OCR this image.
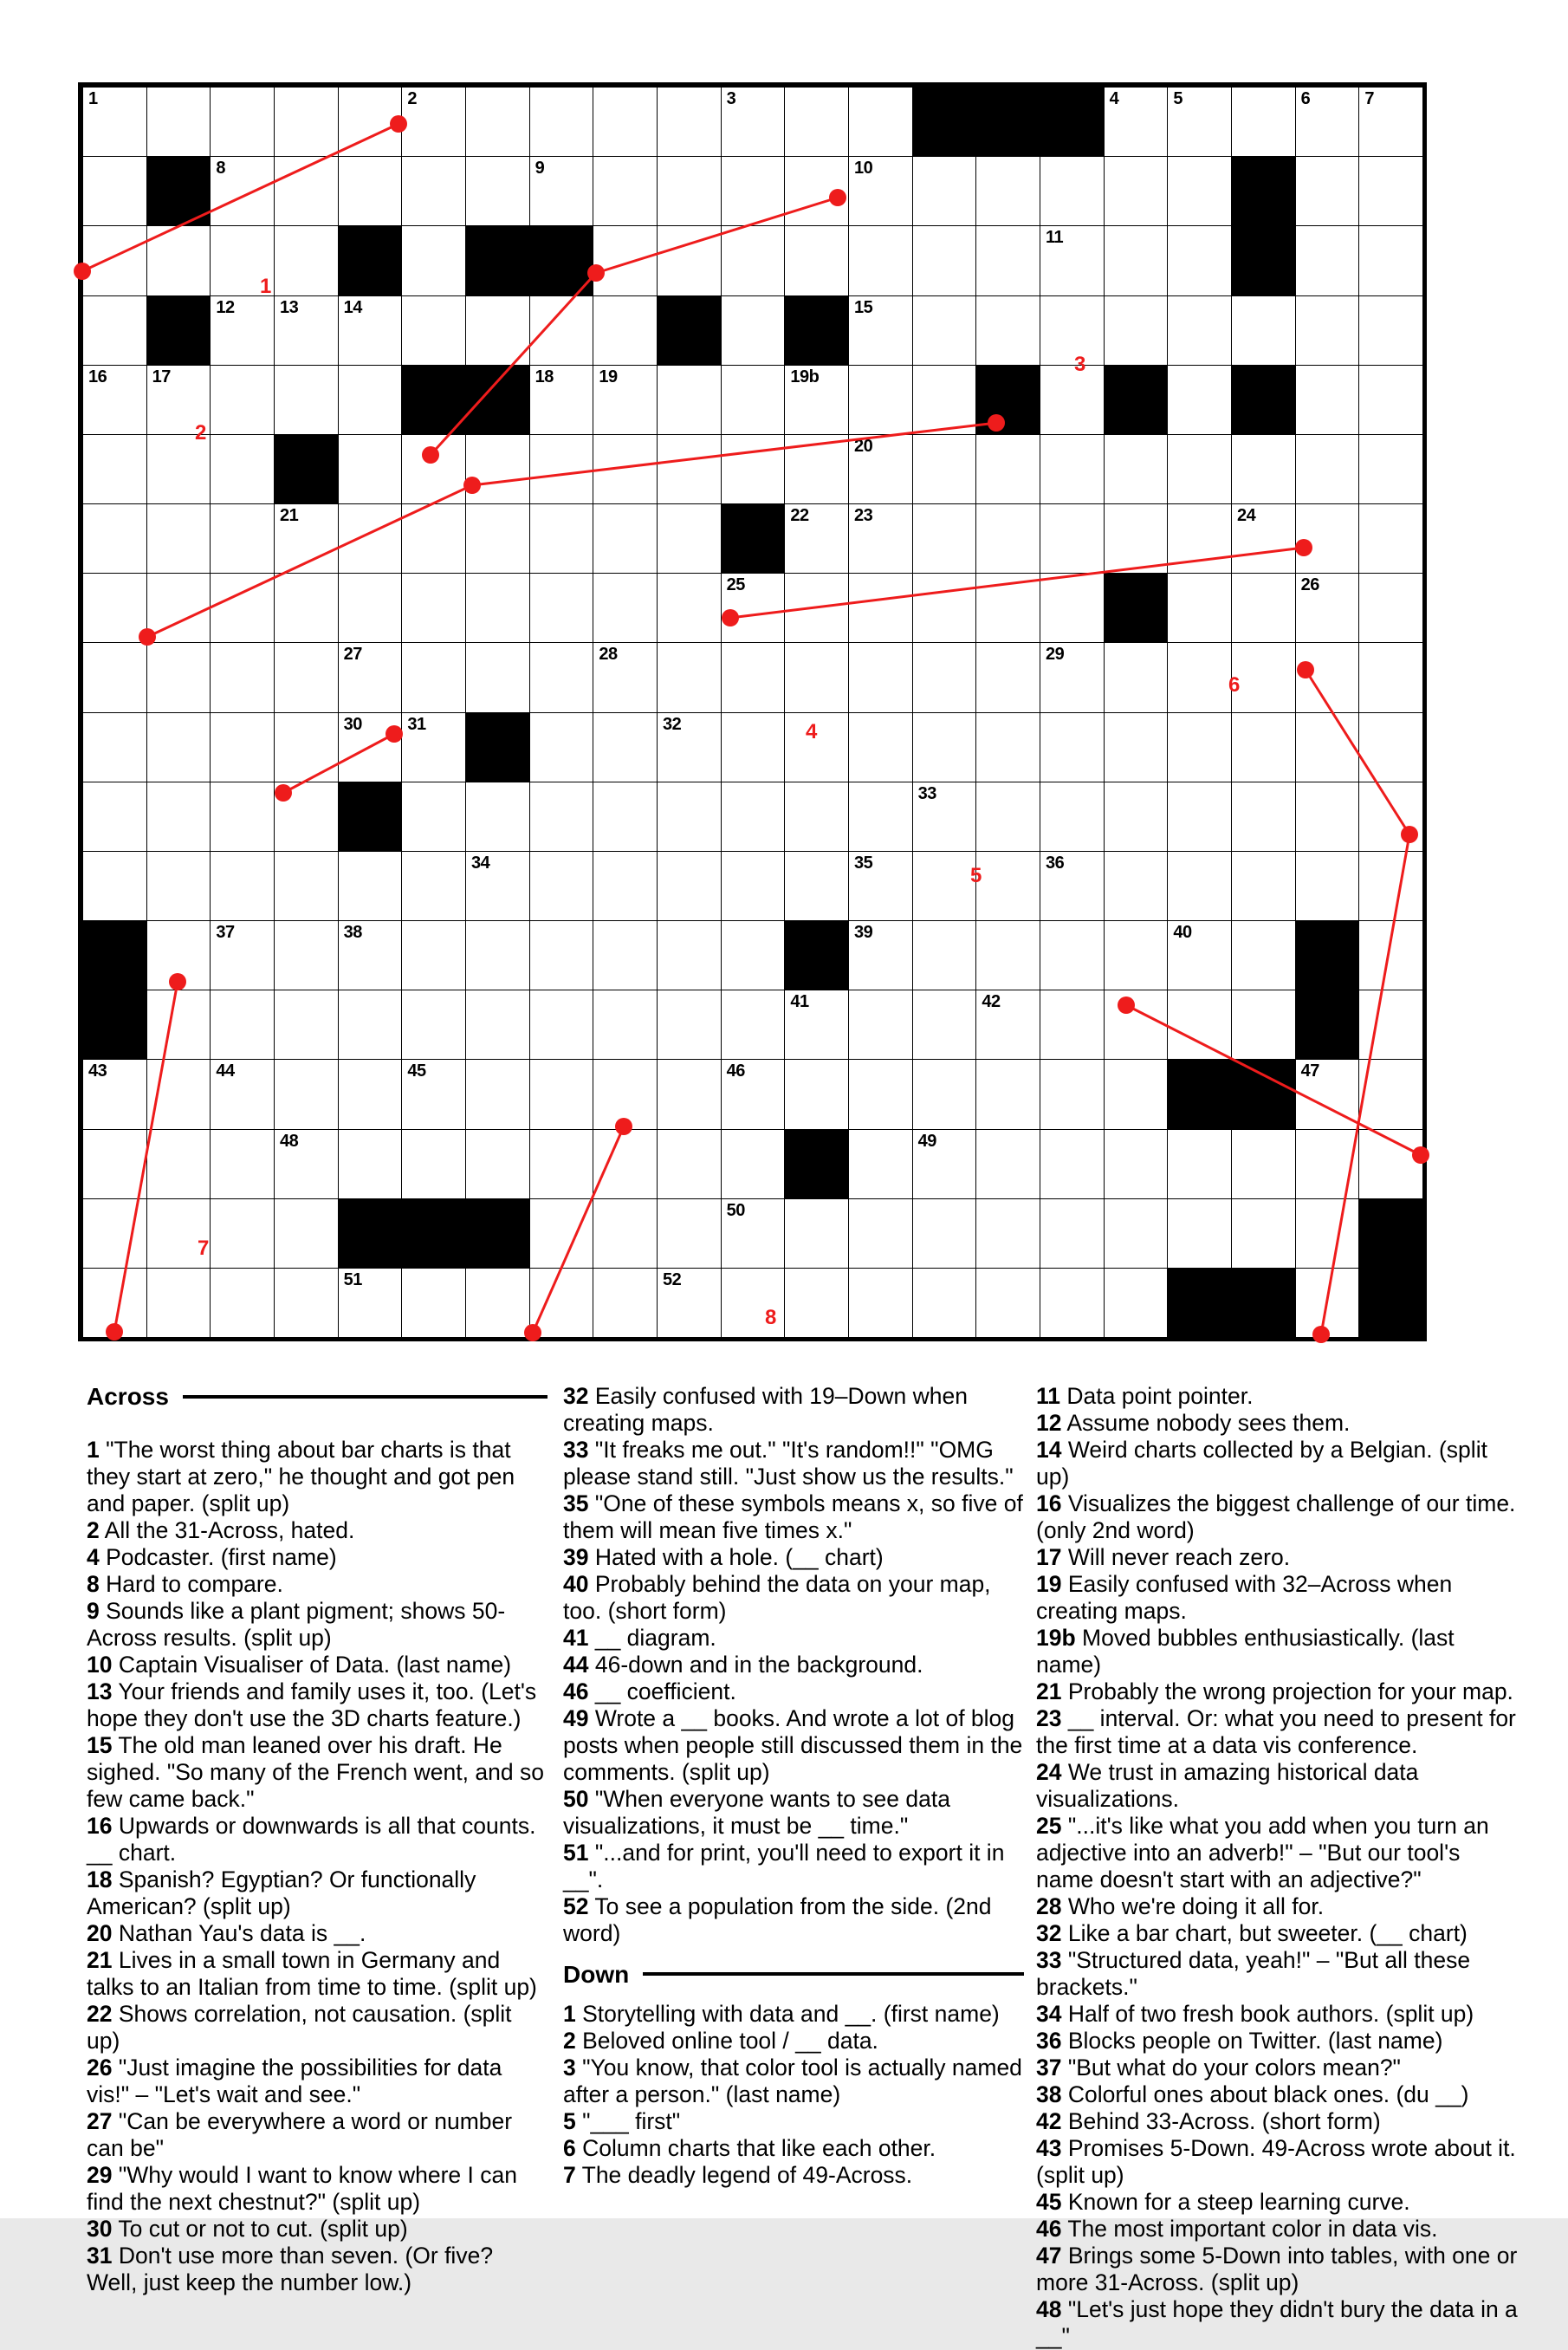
1	2	3	4	5	6	7
8	9	10
11
12	13	14	15
16	17	18	19	19b
20
21	22	23	24
25	26
27	28	29
30	31	32
33
34	35	36
37	38	39	40
41	42
43	44	45	46	47
48	49
50
51	52
1
2
3
4
5
6
7
8
Across

1 "The worst thing about bar charts is that they start at zero," he thought and got pen and paper. (split up)

2 All the 31-Across, hated.

4 Podcaster. (first name)

8 Hard to compare.

9 Sounds like a plant pigment; shows 50-Across results. (split up)

10 Captain Visualiser of Data. (last name)

13 Your friends and family uses it, too. (Let's hope they don't use the 3D charts feature.)

15 The old man leaned over his draft. He sighed. "So many of the French went, and so few came back."

16 Upwards or downwards is all that counts. __ chart.

18 Spanish? Egyptian? Or functionally American? (split up)

20 Nathan Yau's data is __.

21 Lives in a small town in Germany and talks to an Italian from time to time. (split up)

22 Shows correlation, not causation. (split up)

26 "Just imagine the possibilities for data vis!" – "Let's wait and see."

27 "Can be everywhere a word or number can be"

29 "Why would I want to know where I can find the next chestnut?" (split up)

30 To cut or not to cut. (split up)

31 Don't use more than seven. (Or five? Well, just keep the number low.)

32 Easily confused with 19–Down when creating maps.

33 "It freaks me out." "It's random!!" "OMG please stand still. "Just show us the results."

35 "One of these symbols means x, so five of them will mean five times x."

39 Hated with a hole. (__ chart)

40 Probably behind the data on your map, too. (short form)

41 __ diagram.

44 46-down and in the background.

46 __ coefficient.

49 Wrote a __ books. And wrote a lot of blog posts when people still discussed them in the comments. (split up)

50 "When everyone wants to see data visualizations, it must be __ time."

51 "...and for print, you'll need to export it in __".

52 To see a population from the side. (2nd word)

Down

1 Storytelling with data and __. (first name)

2 Beloved online tool / __ data.

3 "You know, that color tool is actually named after a person." (last name)

5 "___ first"

6 Column charts that like each other.

7 The deadly legend of 49-Across.

11 Data point pointer.

12 Assume nobody sees them.

14 Weird charts collected by a Belgian. (split up)

16 Visualizes the biggest challenge of our time. (only 2nd word)

17 Will never reach zero.

19 Easily confused with 32–Across when creating maps.

19b Moved bubbles enthusiastically. (last name)

21 Probably the wrong projection for your map.

23 __ interval. Or: what you need to present for the first time at a data vis conference.

24 We trust in amazing historical data visualizations.

25 "...it's like what you add when you turn an adjective into an adverb!" – "But our tool's name doesn't start with an adjective?"

28 Who we're doing it all for.

32 Like a bar chart, but sweeter. (__ chart)

33 "Structured data, yeah!" – "But all these brackets."

34 Half of two fresh book authors. (split up)

36 Blocks people on Twitter. (last name)

37 "But what do your colors mean?"

38 Colorful ones about black ones. (du __)

42 Behind 33-Across. (short form)

43 Promises 5-Down. 49-Across wrote about it. (split up)

45 Known for a steep learning curve.

46 The most important color in data vis.

47 Brings some 5-Down into tables, with one or more 31-Across. (split up)

48 "Let's just hope they didn't bury the data in a __"
